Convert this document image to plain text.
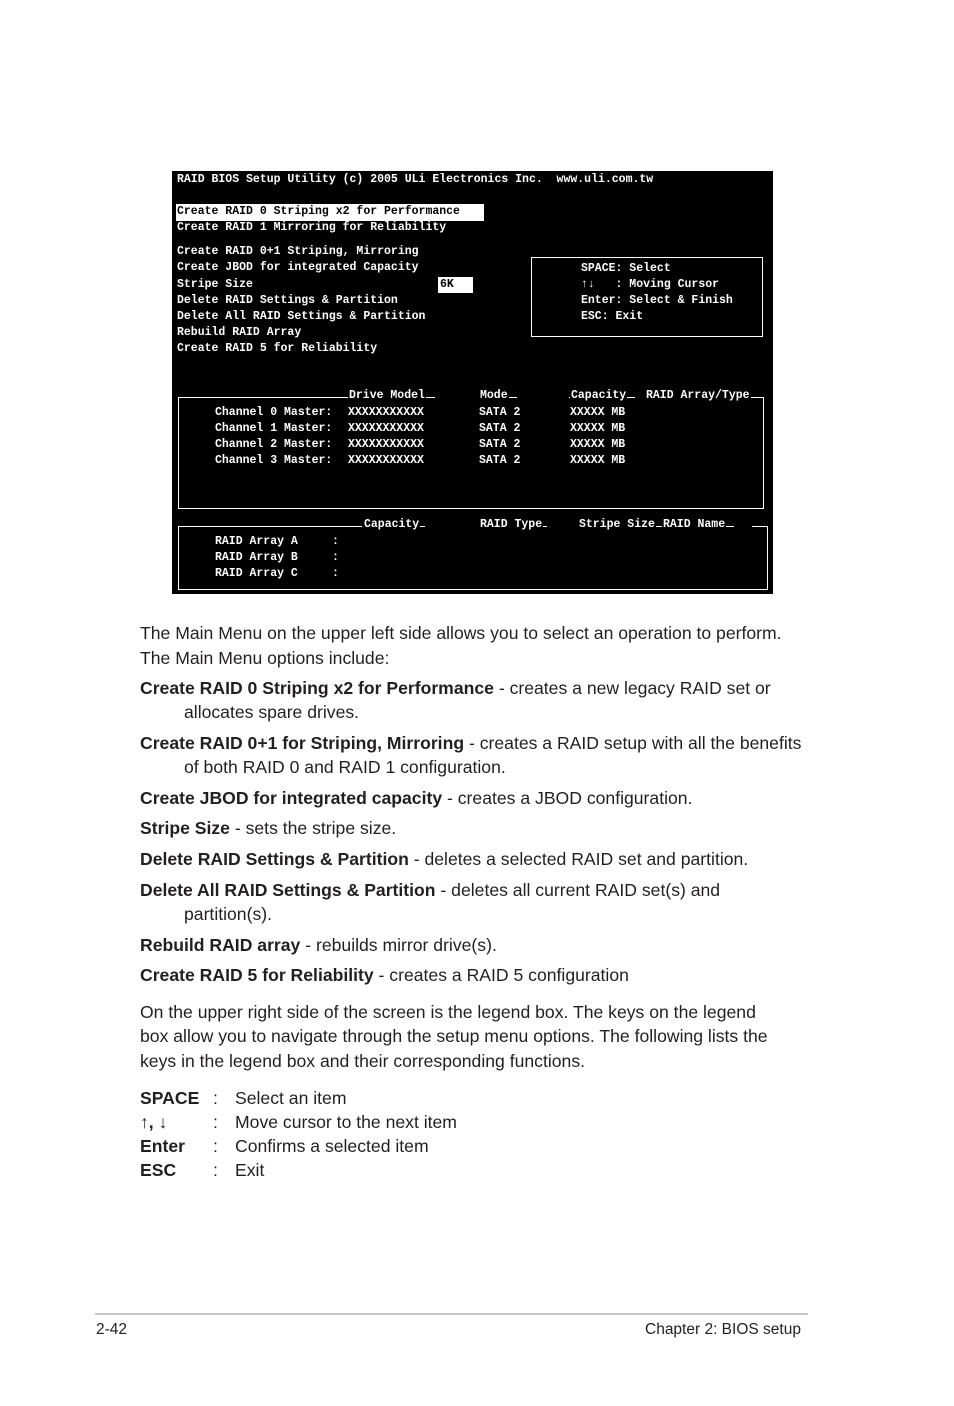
RAID BIOS Setup Utility (c) 2005 ULi Electronics Inc.  www.uli.com.tw
Create RAID 0 Striping x2 for Performance
Create RAID 1 Mirroring for Reliability
Create RAID 0+1 Striping, Mirroring
Create JBOD for integrated Capacity
Stripe Size	6K
Delete RAID Settings & Partition
Delete All RAID Settings & Partition
Rebuild RAID Array
Create RAID 5 for Reliability
SPACE: Select
↑↓   : Moving Cursor
Enter: Select & Finish
ESC: Exit
Drive Model	Mode	Capacity RAID Array/Type
Channel 0 Master: XXXXXXXXXXX	SATA 2	XXXXX MB
Channel 1 Master: XXXXXXXXXXX	SATA 2	XXXXX MB
Channel 2 Master: XXXXXXXXXXX	SATA 2	XXXXX MB
Channel 3 Master: XXXXXXXXXXX	SATA 2	XXXXX MB
Capacity	RAID Type	Stripe Size RAID Name
RAID Array A	:
RAID Array B	:
RAID Array C	:
The Main Menu on the upper left side allows you to select an operation to perform.
The Main Menu options include:
Create RAID 0 Striping x2 for Performance - creates a new legacy RAID set or
allocates spare drives.
Create RAID 0+1 for Striping, Mirroring - creates a RAID setup with all the benefits
of both RAID 0 and RAID 1 configuration.
Create JBOD for integrated capacity - creates a JBOD configuration.
Stripe Size - sets the stripe size.
Delete RAID Settings & Partition - deletes a selected RAID set and partition.
Delete All RAID Settings & Partition - deletes all current RAID set(s) and
partition(s).
Rebuild RAID array - rebuilds mirror drive(s).
Create RAID 5 for Reliability - creates a RAID 5 configuration
On the upper right side of the screen is the legend box. The keys on the legend
box allow you to navigate through the setup menu options. The following lists the
keys in the legend box and their corresponding functions.
SPACE : Select an item
↑, ↓	: Move cursor to the next item
Enter : Confirms a selected item
ESC : Exit
2-42	Chapter 2: BIOS setup
